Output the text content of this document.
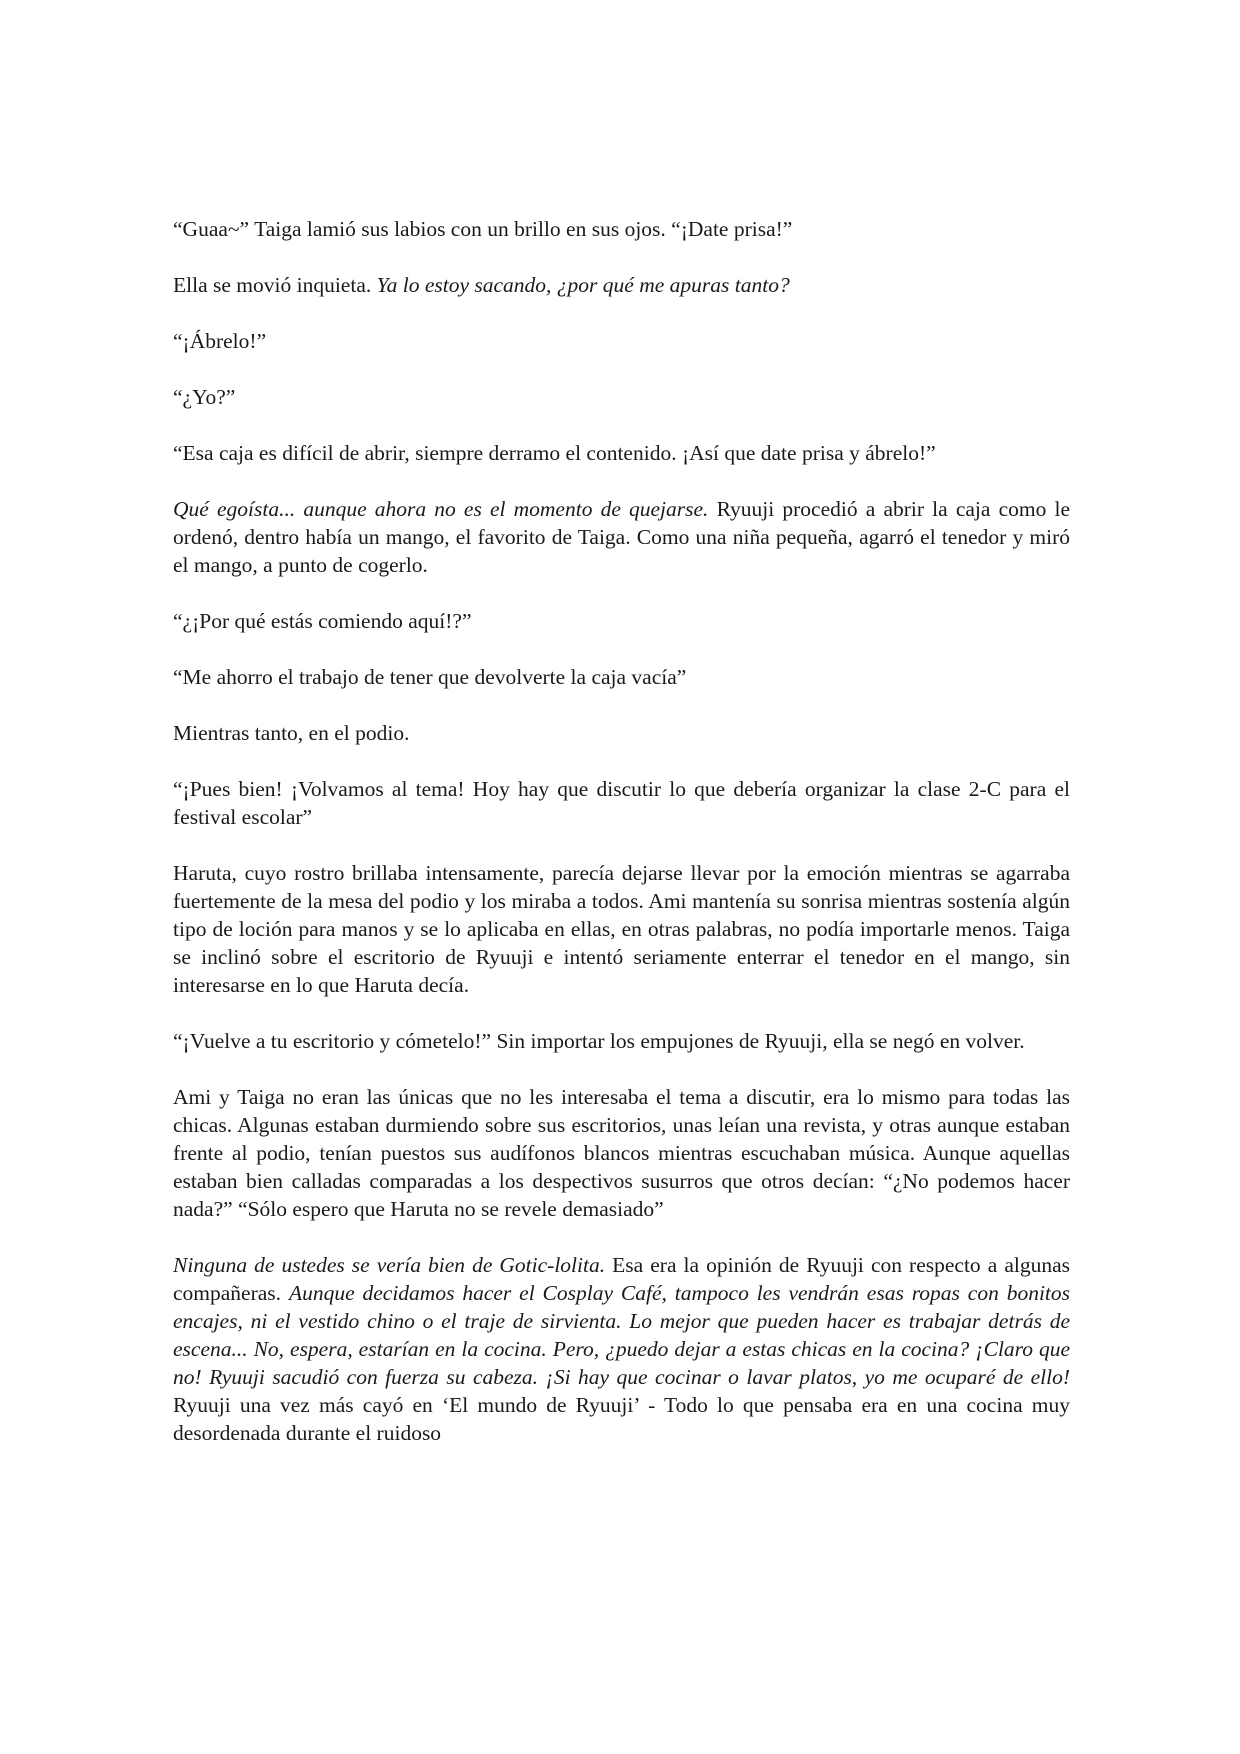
“Guaa~” Taiga lamió sus labios con un brillo en sus ojos. “¡Date prisa!”

Ella se movió inquieta. Ya lo estoy sacando, ¿por qué me apuras tanto?

“¡Ábrelo!”

“¿Yo?”

“Esa caja es difícil de abrir, siempre derramo el contenido. ¡Así que date prisa y ábrelo!”

Qué egoísta... aunque ahora no es el momento de quejarse. Ryuuji procedió a abrir la caja como le ordenó, dentro había un mango, el favorito de Taiga. Como una niña pequeña, agarró el tenedor y miró el mango, a punto de cogerlo.

“¿¡Por qué estás comiendo aquí!?”

“Me ahorro el trabajo de tener que devolverte la caja vacía”

Mientras tanto, en el podio.

“¡Pues bien! ¡Volvamos al tema! Hoy hay que discutir lo que debería organizar la clase 2-C para el festival escolar”

Haruta, cuyo rostro brillaba intensamente, parecía dejarse llevar por la emoción mientras se agarraba fuertemente de la mesa del podio y los miraba a todos. Ami mantenía su sonrisa mientras sostenía algún tipo de loción para manos y se lo aplicaba en ellas, en otras palabras, no podía importarle menos. Taiga se inclinó sobre el escritorio de Ryuuji e intentó seriamente enterrar el tenedor en el mango, sin interesarse en lo que Haruta decía.

“¡Vuelve a tu escritorio y cómetelo!” Sin importar los empujones de Ryuuji, ella se negó en volver.

Ami y Taiga no eran las únicas que no les interesaba el tema a discutir, era lo mismo para todas las chicas. Algunas estaban durmiendo sobre sus escritorios, unas leían una revista, y otras aunque estaban frente al podio, tenían puestos sus audífonos blancos mientras escuchaban música. Aunque aquellas estaban bien calladas comparadas a los despectivos susurros que otros decían: “¿No podemos hacer nada?” “Sólo espero que Haruta no se revele demasiado”

Ninguna de ustedes se vería bien de Gotic-lolita. Esa era la opinión de Ryuuji con respecto a algunas compañeras. Aunque decidamos hacer el Cosplay Café, tampoco les vendrán esas ropas con bonitos encajes, ni el vestido chino o el traje de sirvienta. Lo mejor que pueden hacer es trabajar detrás de escena... No, espera, estarían en la cocina. Pero, ¿puedo dejar a estas chicas en la cocina? ¡Claro que no! Ryuuji sacudió con fuerza su cabeza. ¡Si hay que cocinar o lavar platos, yo me ocuparé de ello! Ryuuji una vez más cayó en ‘El mundo de Ryuuji’ - Todo lo que pensaba era en una cocina muy desordenada durante el ruidoso
